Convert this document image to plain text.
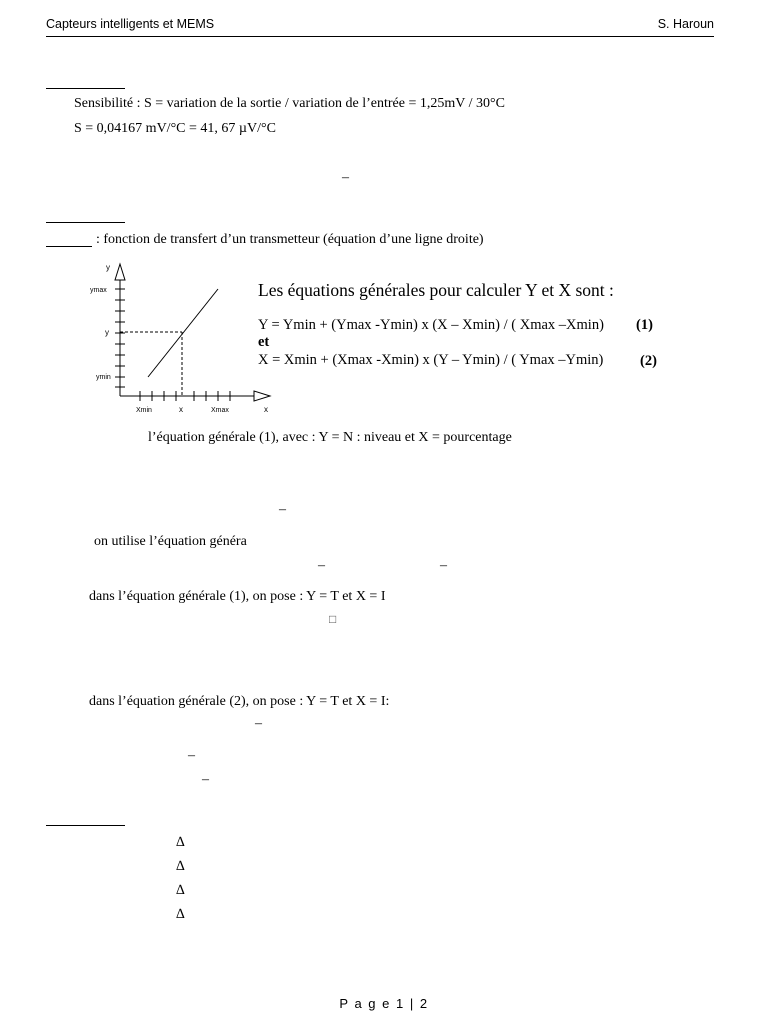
Capteurs intelligents et MEMS	S. Haroun
Sensibilité : S = variation de la sortie / variation de l’entrée = 1,25mV / 30°C
S = 0,04167 mV/°C = 41, 67 µV/°C
–
: fonction de transfert d’un transmetteur (équation d’une ligne droite)
y
ymax
y
ymin
Xmin	x	Xmax	x
Les équations générales pour calculer Y et X sont :
Y = Ymin + (Ymax -Ymin) x (X – Xmin) / ( Xmax –Xmin) (1)
et
X = Xmin + (Xmax -Xmin) x (Y – Ymin) / ( Ymax –Ymin)	(2)
l’équation générale (1), avec : Y = N : niveau et X = pourcentage
–
on utilise l’équation généra
–	–
dans l’équation générale (1), on pose : Y = T et X = I
□
dans l’équation générale (2), on pose : Y = T et X = I:
–
–
–
∆
∆
∆
∆
P a g e 1 | 2
